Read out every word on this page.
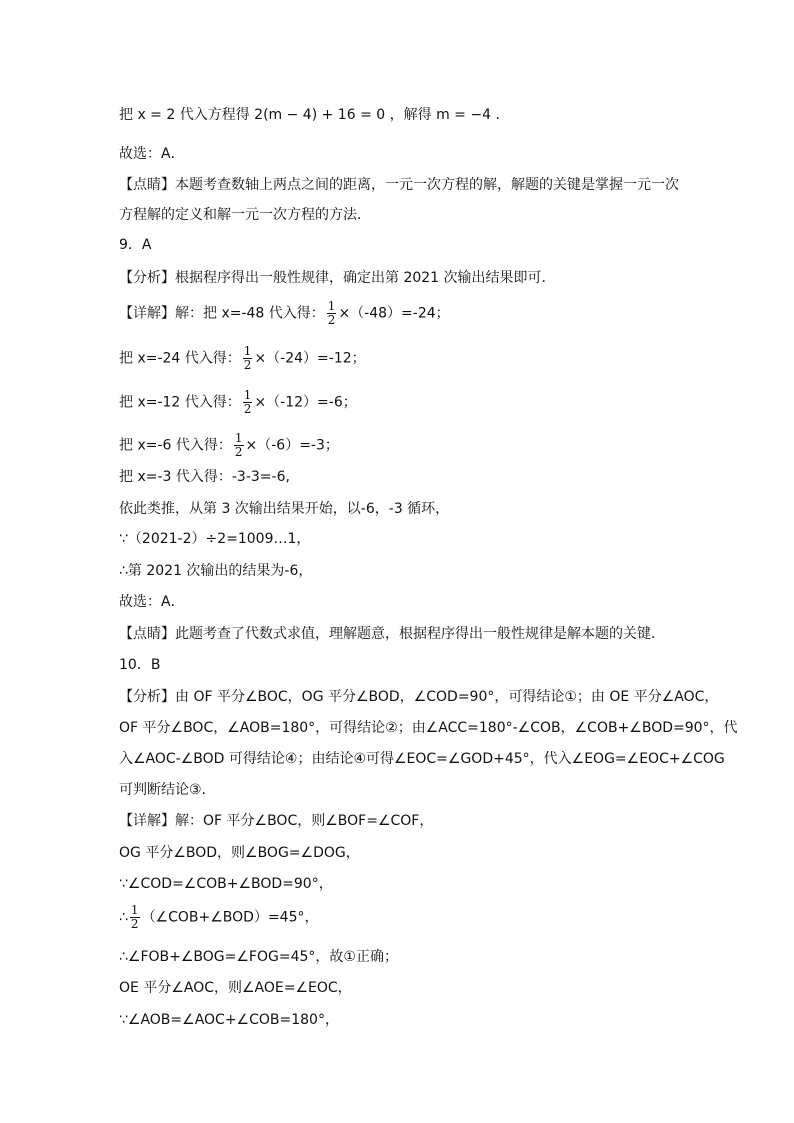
把 x = 2 代入方程得 2(m − 4) + 16 = 0 ，解得 m = −4 .
故选：A．
【点睛】本题考查数轴上两点之间的距离，一元一次方程的解，解题的关键是掌握一元一次
方程解的定义和解一元一次方程的方法．
9．A
【分析】根据程序得出一般性规律，确定出第 2021 次输出结果即可．
【详解】解：把 x=-48 代入得： $\frac{1}{2} \times(-48)=-24$；
把 x=-24 代入得： $\frac{1}{2} \times(-24)=-12$；
把 x=-12 代入得： $\frac{1}{2} \times(-12)=-6$；
把 x=-6 代入得： $\frac{1}{2} \times(-6)=-3$；
把 x=-3 代入得：-3-3=-6,
依此类推，从第 3 次输出结果开始，以-6，-3 循环，
∵（2021-2）÷2=1009…1，
∴第 2021 次输出的结果为-6，
故选：A．
【点睛】此题考查了代数式求值，理解题意，根据程序得出一般性规律是解本题的关键．
10．B
【分析】由 OF 平分∠BOC，OG 平分∠BOD，∠COD=90°，可得结论①；由 OE 平分∠AOC，
OF 平分∠BOC，∠AOB=180°，可得结论②；由∠ACC=180°-∠COB，∠COB+∠BOD=90°，代
入∠AOC-∠BOD 可得结论④；由结论④可得∠EOC=∠GOD+45°，代入∠EOG=∠EOC+∠COG
可判断结论③．
【详解】解：OF 平分∠BOC，则∠BOF=∠COF，
OG 平分∠BOD，则∠BOG=∠DOG，
∵∠COD=∠COB+∠BOD=90°，
∴ $\frac{1}{2}$ （∠COB+∠BOD）=45°，
∴∠FOB+∠BOG=∠FOG=45°，故①正确；
OE 平分∠AOC，则∠AOE=∠EOC，
∵∠AOB=∠AOC+∠COB=180°，
